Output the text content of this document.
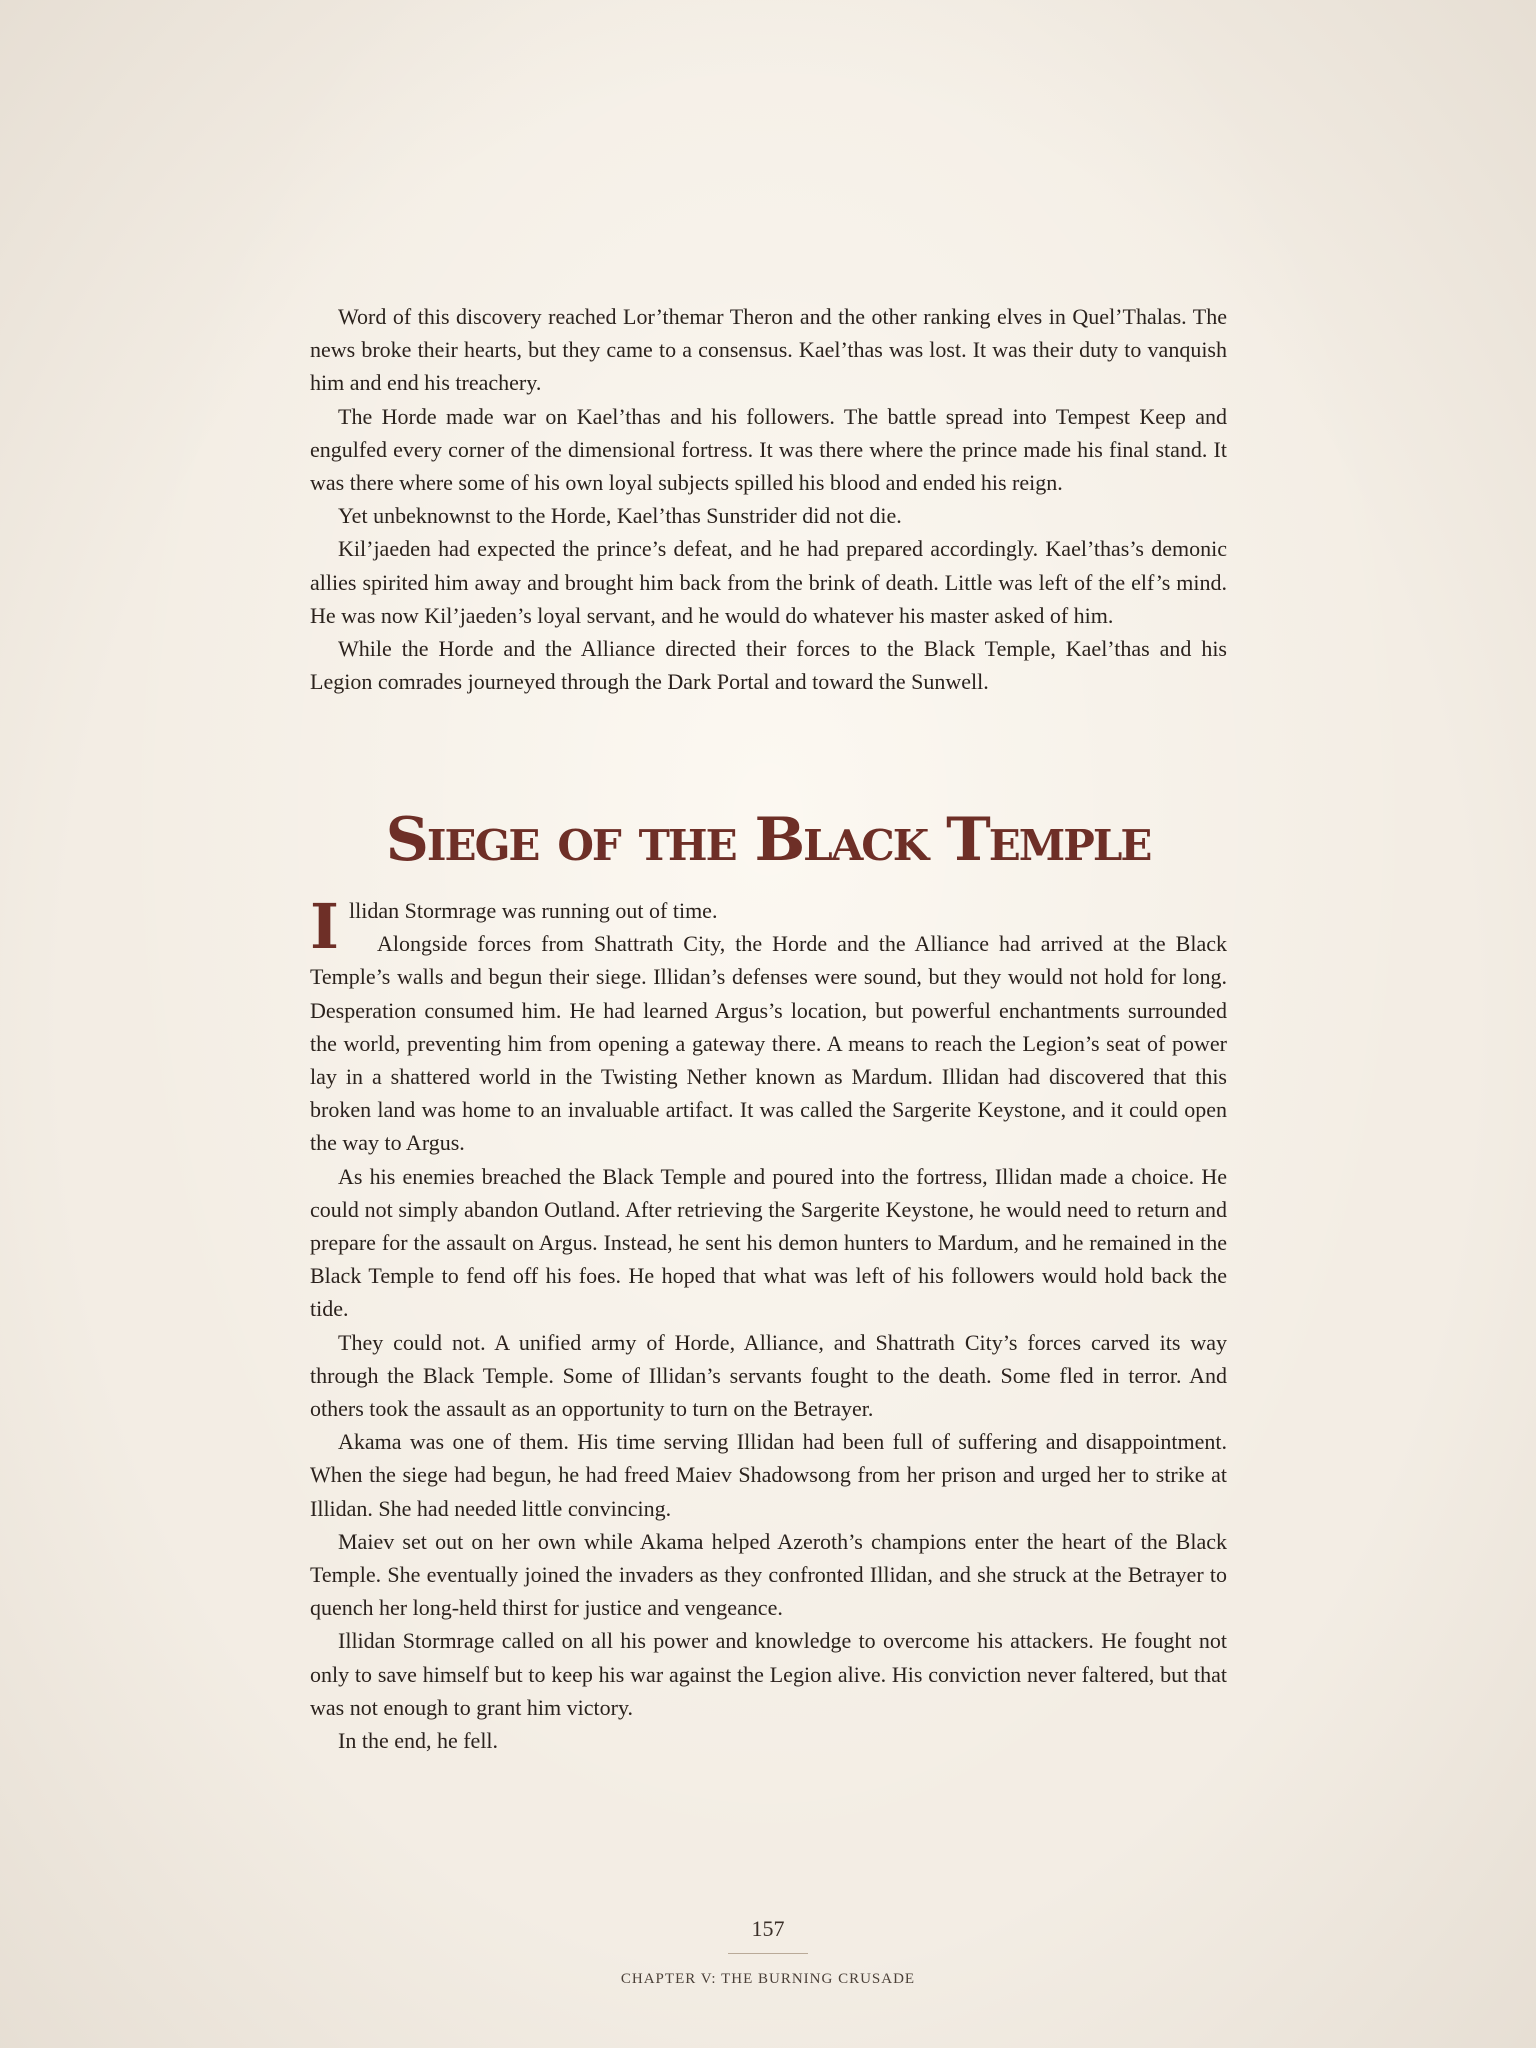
Word of this discovery reached Lor’themar Theron and the other ranking elves in Quel’Thalas. The news broke their hearts, but they came to a consensus. Kael’thas was lost. It was their duty to vanquish him and end his treachery.

The Horde made war on Kael’thas and his followers. The battle spread into Tempest Keep and engulfed every corner of the dimensional fortress. It was there where the prince made his final stand. It was there where some of his own loyal subjects spilled his blood and ended his reign.

Yet unbeknownst to the Horde, Kael’thas Sunstrider did not die.

Kil’jaeden had expected the prince’s defeat, and he had prepared accordingly. Kael’thas’s demonic allies spirited him away and brought him back from the brink of death. Little was left of the elf’s mind. He was now Kil’jaeden’s loyal servant, and he would do whatever his master asked of him.

While the Horde and the Alliance directed their forces to the Black Temple, Kael’thas and his Legion comrades journeyed through the Dark Portal and toward the Sunwell.

Siege of the Black Temple

Illidan Stormrage was running out of time.

Alongside forces from Shattrath City, the Horde and the Alliance had arrived at the Black Temple’s walls and begun their siege. Illidan’s defenses were sound, but they would not hold for long. Desperation consumed him. He had learned Argus’s location, but powerful enchantments surrounded the world, preventing him from opening a gateway there. A means to reach the Legion’s seat of power lay in a shattered world in the Twisting Nether known as Mardum. Illidan had discovered that this broken land was home to an invaluable artifact. It was called the Sargerite Keystone, and it could open the way to Argus.

As his enemies breached the Black Temple and poured into the fortress, Illidan made a choice. He could not simply abandon Outland. After retrieving the Sargerite Keystone, he would need to return and prepare for the assault on Argus. Instead, he sent his demon hunters to Mardum, and he remained in the Black Temple to fend off his foes. He hoped that what was left of his followers would hold back the tide.

They could not. A unified army of Horde, Alliance, and Shattrath City’s forces carved its way through the Black Temple. Some of Illidan’s servants fought to the death. Some fled in terror. And others took the assault as an opportunity to turn on the Betrayer.

Akama was one of them. His time serving Illidan had been full of suffering and disappointment. When the siege had begun, he had freed Maiev Shadowsong from her prison and urged her to strike at Illidan. She had needed little convincing.

Maiev set out on her own while Akama helped Azeroth’s champions enter the heart of the Black Temple. She eventually joined the invaders as they confronted Illidan, and she struck at the Betrayer to quench her long-held thirst for justice and vengeance.

Illidan Stormrage called on all his power and knowledge to overcome his attackers. He fought not only to save himself but to keep his war against the Legion alive. His conviction never faltered, but that was not enough to grant him victory.

In the end, he fell.

157
CHAPTER V: THE BURNING CRUSADE
